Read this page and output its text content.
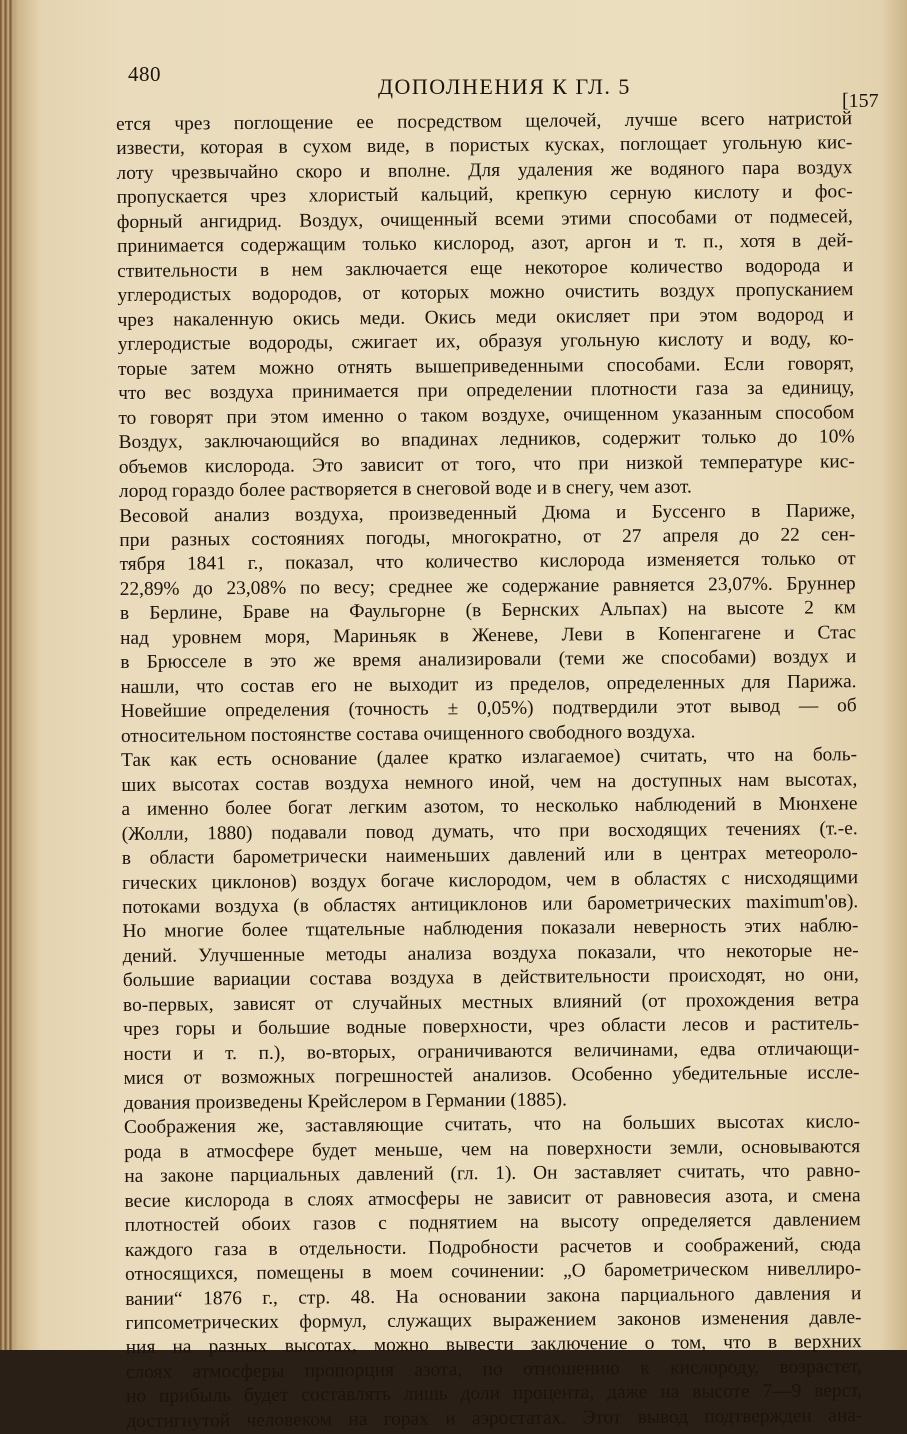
480	ДОПОЛНЕНИЯ К ГЛ. 5
[157
ется чрез поглощение ее посредством щелочей, лучше всего натристой
извести, которая в сухом виде, в пористых кусках, поглощает угольную кис-
лоту чрезвычайно скоро и вполне. Для удаления же водяного пара воздух
пропускается чрез хлористый кальций, крепкую серную кислоту и фос-
форный ангидрид. Воздух, очищенный всеми этими способами от подмесей,
принимается содержащим только кислород, азот, аргон и т. п., хотя в дей-
ствительности в нем заключается еще некоторое количество водорода и
углеродистых водородов, от которых можно очистить воздух пропусканием
чрез накаленную окись меди. Окись меди окисляет при этом водород и
углеродистые водороды, сжигает их, образуя угольную кислоту и воду, ко-
торые затем можно отнять вышеприведенными способами. Если говорят,
что вес воздуха принимается при определении плотности газа за единицу,
то говорят при этом именно о таком воздухе, очищенном указанным способом
Воздух, заключающийся во впадинах ледников, содержит только до 10%
объемов кислорода. Это зависит от того, что при низкой температуре кис-
лород гораздо более растворяется в снеговой воде и в снегу, чем азот.
Весовой анализ воздуха, произведенный Дюма и Буссенго в Париже,
при разных состояниях погоды, многократно, от 27 апреля до 22 сен-
тября 1841 г., показал, что количество кислорода изменяется только от
22,89% до 23,08% по весу; среднее же содержание равняется 23,07%. Бруннер
в Берлине, Браве на Фаульгорне (в Бернских Альпах) на высоте 2 км
над уровнем моря, Мариньяк в Женеве, Леви в Копенгагене и Стас
в Брюсселе в это же время анализировали (теми же способами) воздух и
нашли, что состав его не выходит из пределов, определенных для Парижа.
Новейшие определения (точность ± 0,05%) подтвердили этот вывод — об
относительном постоянстве состава очищенного свободного воздуха.
Так как есть основание (далее кратко излагаемое) считать, что на боль-
ших высотах состав воздуха немного иной, чем на доступных нам высотах,
а именно более богат легким азотом, то несколько наблюдений в Мюнхене
(Жолли, 1880) подавали повод думать, что при восходящих течениях (т.-е.
в области барометрически наименьших давлений или в центрах метеороло-
гических циклонов) воздух богаче кислородом, чем в областях с нисходящими
потоками воздуха (в областях антициклонов или барометрических maximum'ов).
Но многие более тщательные наблюдения показали неверность этих наблю-
дений. Улучшенные методы анализа воздуха показали, что некоторые не-
большие вариации состава воздуха в действительности происходят, но они,
во-первых, зависят от случайных местных влияний (от прохождения ветра
чрез горы и большие водные поверхности, чрез области лесов и раститель-
ности и т. п.), во-вторых, ограничиваются величинами, едва отличающи-
мися от возможных погрешностей анализов. Особенно убедительные иссле-
дования произведены Крейслером в Германии (1885).
Соображения же, заставляющие считать, что на больших высотах кисло-
рода в атмосфере будет меньше, чем на поверхности земли, основываются
на законе парциальных давлений (гл. 1). Он заставляет считать, что равно-
весие кислорода в слоях атмосферы не зависит от равновесия азота, и смена
плотностей обоих газов с поднятием на высоту определяется давлением
каждого газа в отдельности. Подробности расчетов и соображений, сюда
относящихся, помещены в моем сочинении: „О барометрическом нивеллиро-
вании“ 1876 г., стр. 48. На основании закона парциального давления и
гипсометрических формул, служащих выражением законов изменения давле-
ния на разных высотах, можно вывести заключение о том, что в верхних
слоях атмосферы пропорция азота, по отношению к кислороду, возрастет,
но прибыль будет составлять лишь доли процента, даже на высоте 7—9 верст,
достигнутой человеком на горах и аэростатах. Этот вывод подтвержден ана-
